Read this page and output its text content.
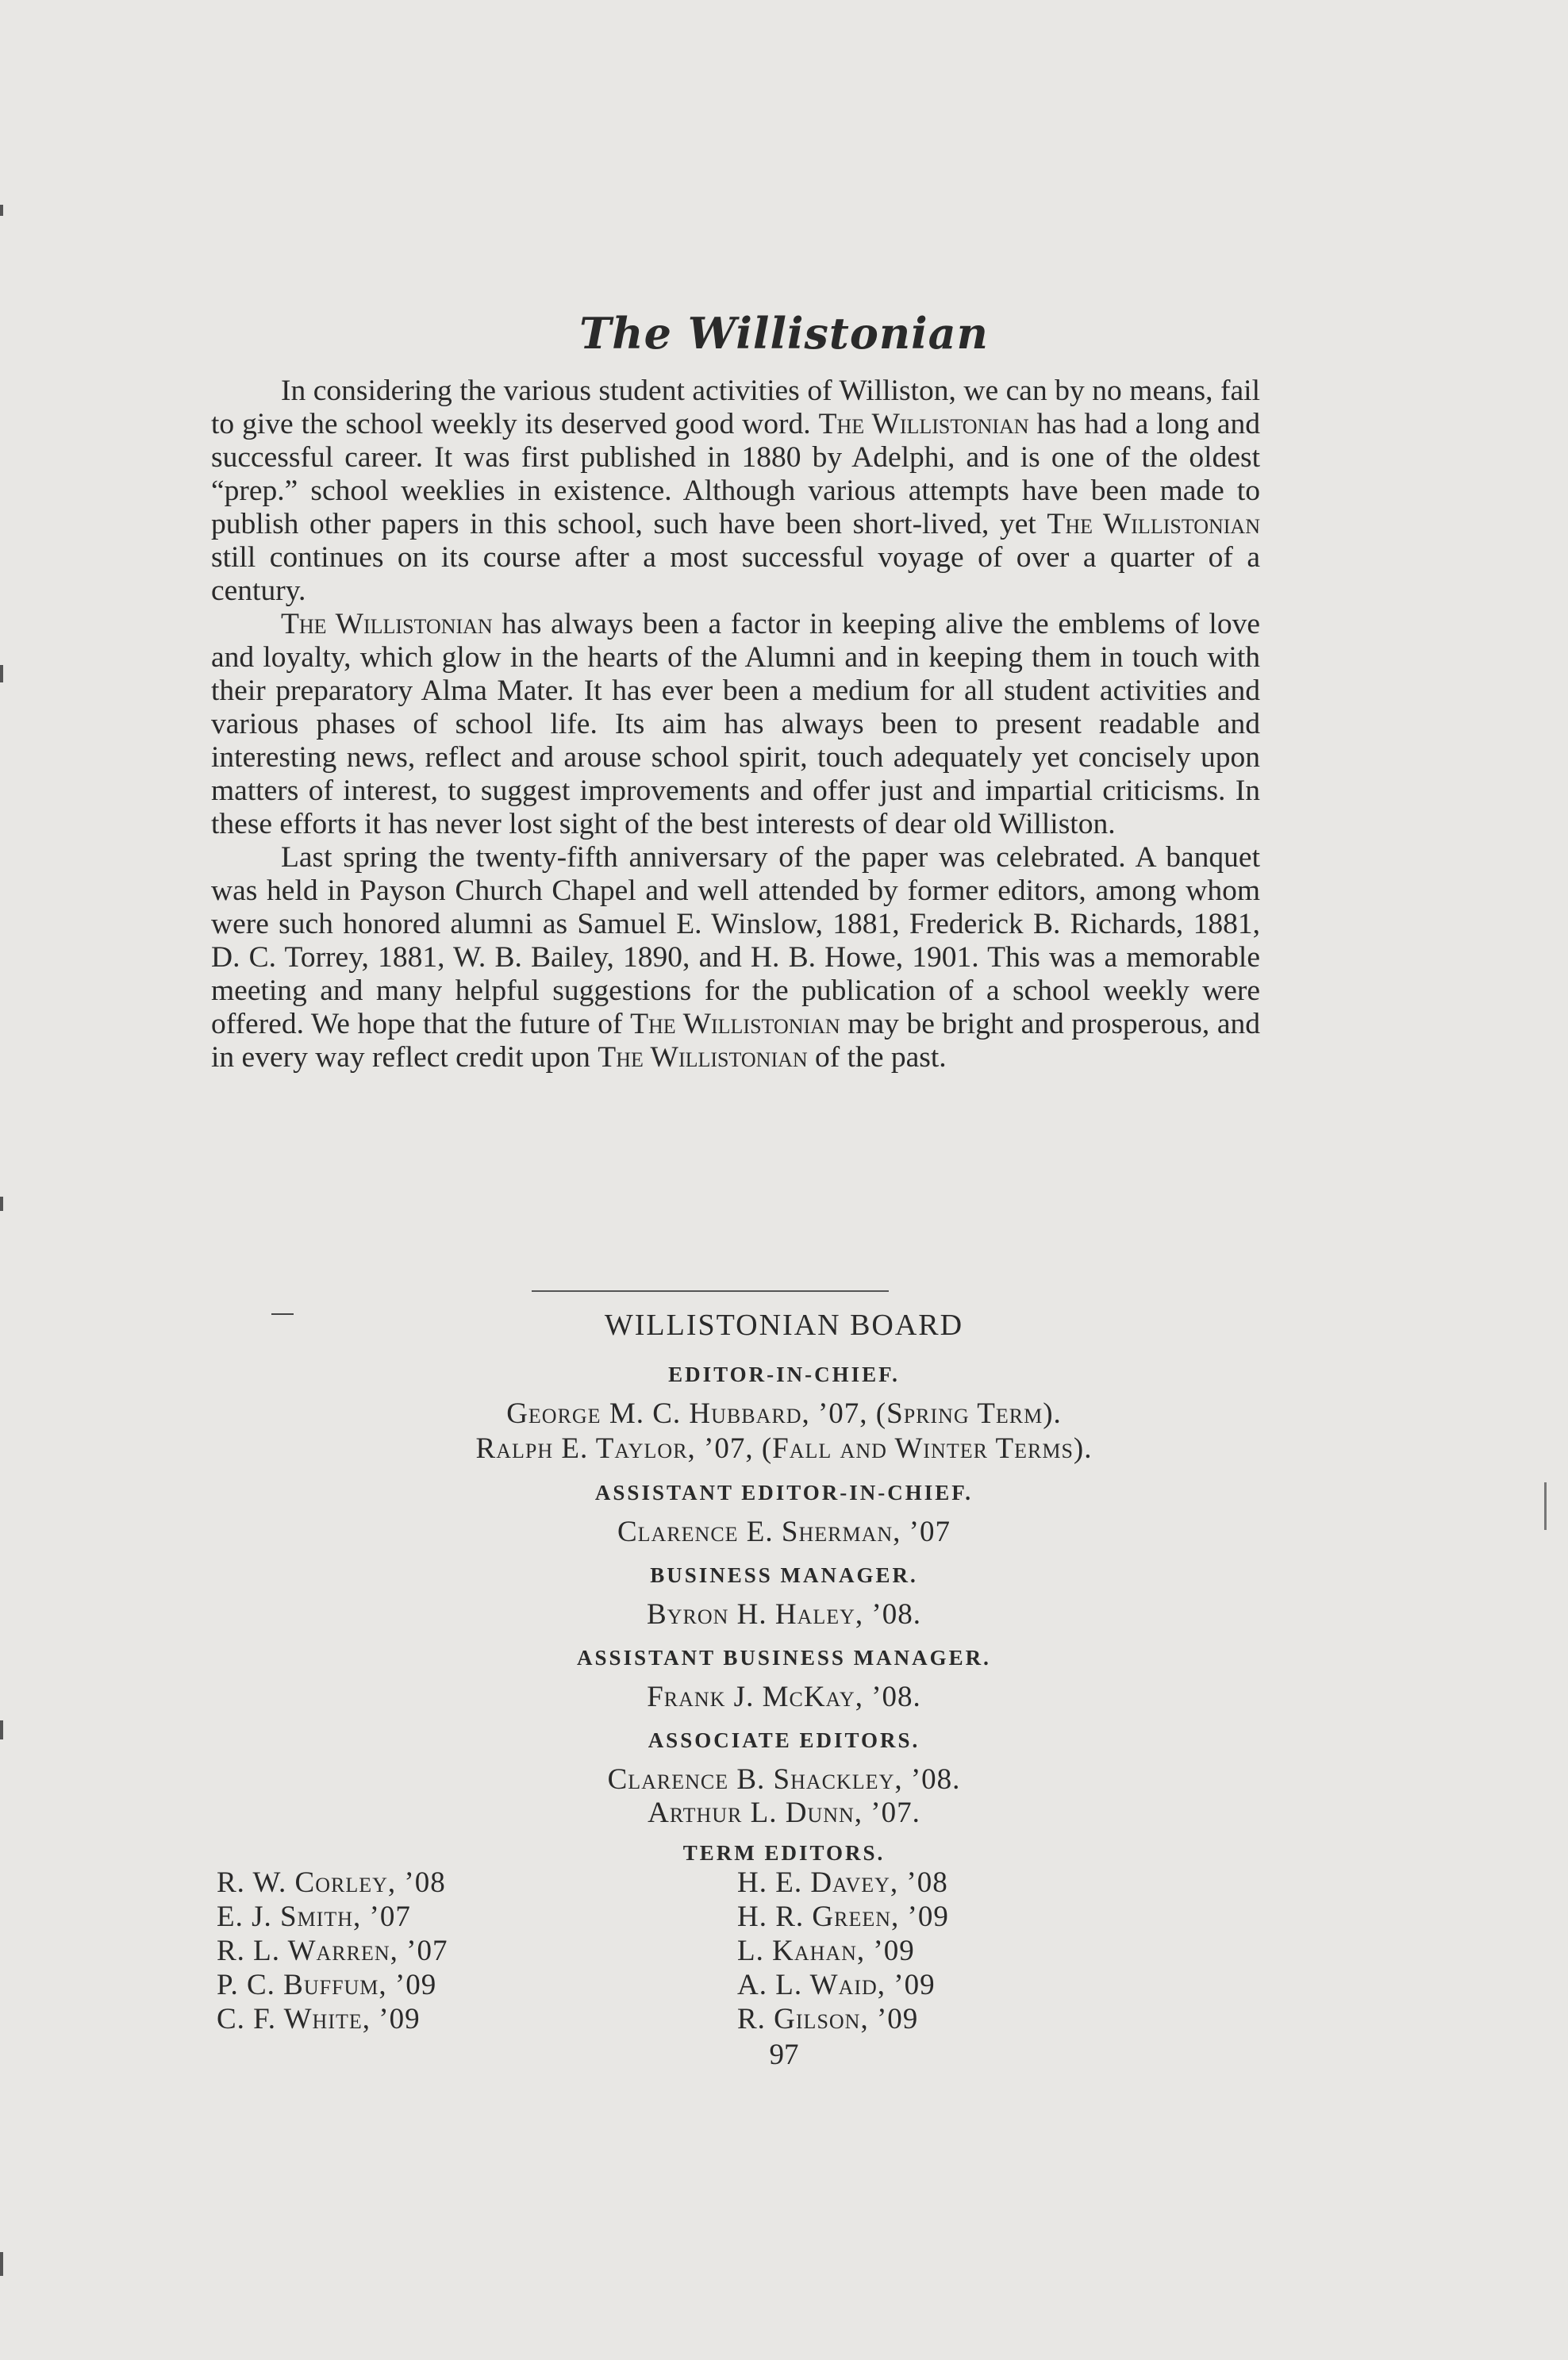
The Willistonian

In considering the various student activities of Williston, we can by no means, fail to give the school weekly its deserved good word. The Willistonian has had a long and successful career. It was first published in 1880 by Adelphi, and is one of the oldest “prep.” school weeklies in existence. Although various attempts have been made to publish other papers in this school, such have been short-lived, yet The Willistonian still continues on its course after a most successful voyage of over a quarter of a century.

The Willistonian has always been a factor in keeping alive the emblems of love and loyalty, which glow in the hearts of the Alumni and in keeping them in touch with their preparatory Alma Mater. It has ever been a medium for all student activities and various phases of school life. Its aim has always been to present readable and interesting news, reflect and arouse school spirit, touch adequately yet concisely upon matters of interest, to suggest improvements and offer just and impartial criticisms. In these efforts it has never lost sight of the best interests of dear old Williston.

Last spring the twenty-fifth anniversary of the paper was celebrated. A banquet was held in Payson Church Chapel and well attended by former editors, among whom were such honored alumni as Samuel E. Winslow, 1881, Frederick B. Richards, 1881, D. C. Torrey, 1881, W. B. Bailey, 1890, and H. B. Howe, 1901. This was a memorable meeting and many helpful suggestions for the publication of a school weekly were offered. We hope that the future of The Willistonian may be bright and prosperous, and in every way reflect credit upon The Willistonian of the past.

WILLISTONIAN BOARD
EDITOR-IN-CHIEF.
George M. C. Hubbard, ’07, (Spring Term).
Ralph E. Taylor, ’07, (Fall and Winter Terms).
ASSISTANT EDITOR-IN-CHIEF.
Clarence E. Sherman, ’07
BUSINESS MANAGER.
Byron H. Haley, ’08.
ASSISTANT BUSINESS MANAGER.
Frank J. McKay, ’08.
ASSOCIATE EDITORS.
Clarence B. Shackley, ’08.
Arthur L. Dunn, ’07.
TERM EDITORS.
R. W. Corley, ’08
E. J. Smith, ’07
R. L. Warren, ’07
P. C. Buffum, ’09
C. F. White, ’09
H. E. Davey, ’08
H. R. Green, ’09
L. Kahan, ’09
A. L. Waid, ’09
R. Gilson, ’09
97
